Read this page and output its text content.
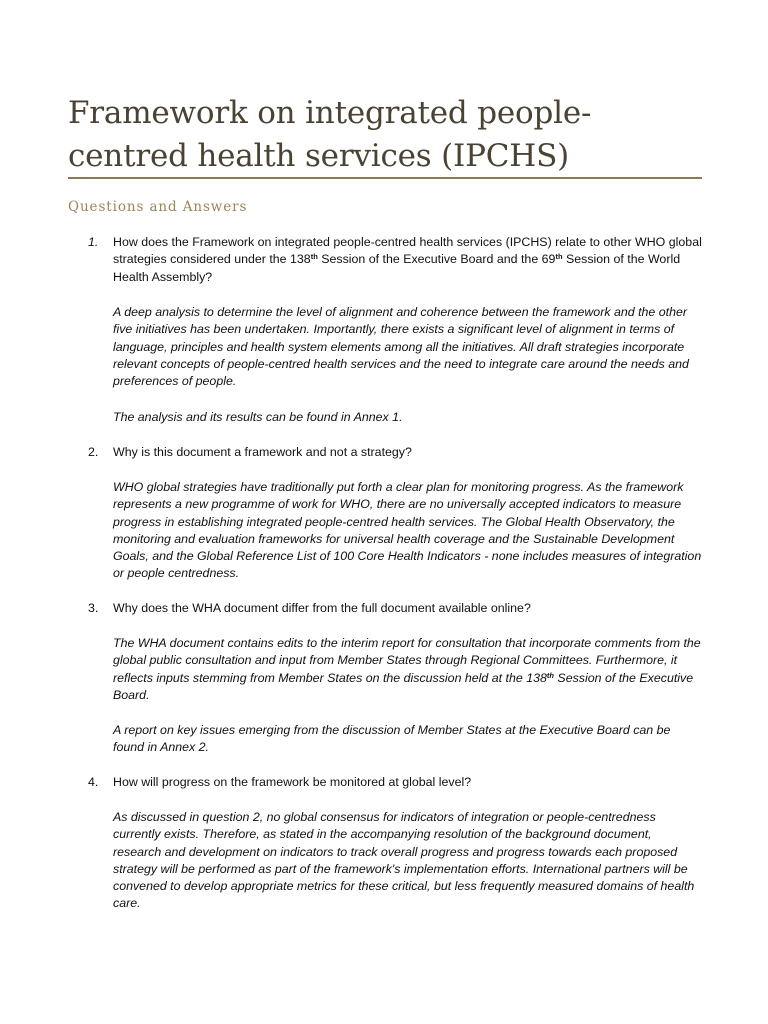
Framework on integrated people-centred health services (IPCHS)
Questions and Answers
1. How does the Framework on integrated people-centred health services (IPCHS) relate to other WHO global strategies considered under the 138th Session of the Executive Board and the 69th Session of the World Health Assembly?
A deep analysis to determine the level of alignment and coherence between the framework and the other five initiatives has been undertaken. Importantly, there exists a significant level of alignment in terms of language, principles and health system elements among all the initiatives. All draft strategies incorporate relevant concepts of people-centred health services and the need to integrate care around the needs and preferences of people.
The analysis and its results can be found in Annex 1.
2. Why is this document a framework and not a strategy?
WHO global strategies have traditionally put forth a clear plan for monitoring progress. As the framework represents a new programme of work for WHO, there are no universally accepted indicators to measure progress in establishing integrated people-centred health services. The Global Health Observatory, the monitoring and evaluation frameworks for universal health coverage and the Sustainable Development Goals, and the Global Reference List of 100 Core Health Indicators - none includes measures of integration or people centredness.
3. Why does the WHA document differ from the full document available online?
The WHA document contains edits to the interim report for consultation that incorporate comments from the global public consultation and input from Member States through Regional Committees. Furthermore, it reflects inputs stemming from Member States on the discussion held at the 138th Session of the Executive Board.
A report on key issues emerging from the discussion of Member States at the Executive Board can be found in Annex 2.
4. How will progress on the framework be monitored at global level?
As discussed in question 2, no global consensus for indicators of integration or people-centredness currently exists. Therefore, as stated in the accompanying resolution of the background document, research and development on indicators to track overall progress and progress towards each proposed strategy will be performed as part of the framework's implementation efforts. International partners will be convened to develop appropriate metrics for these critical, but less frequently measured domains of health care.
